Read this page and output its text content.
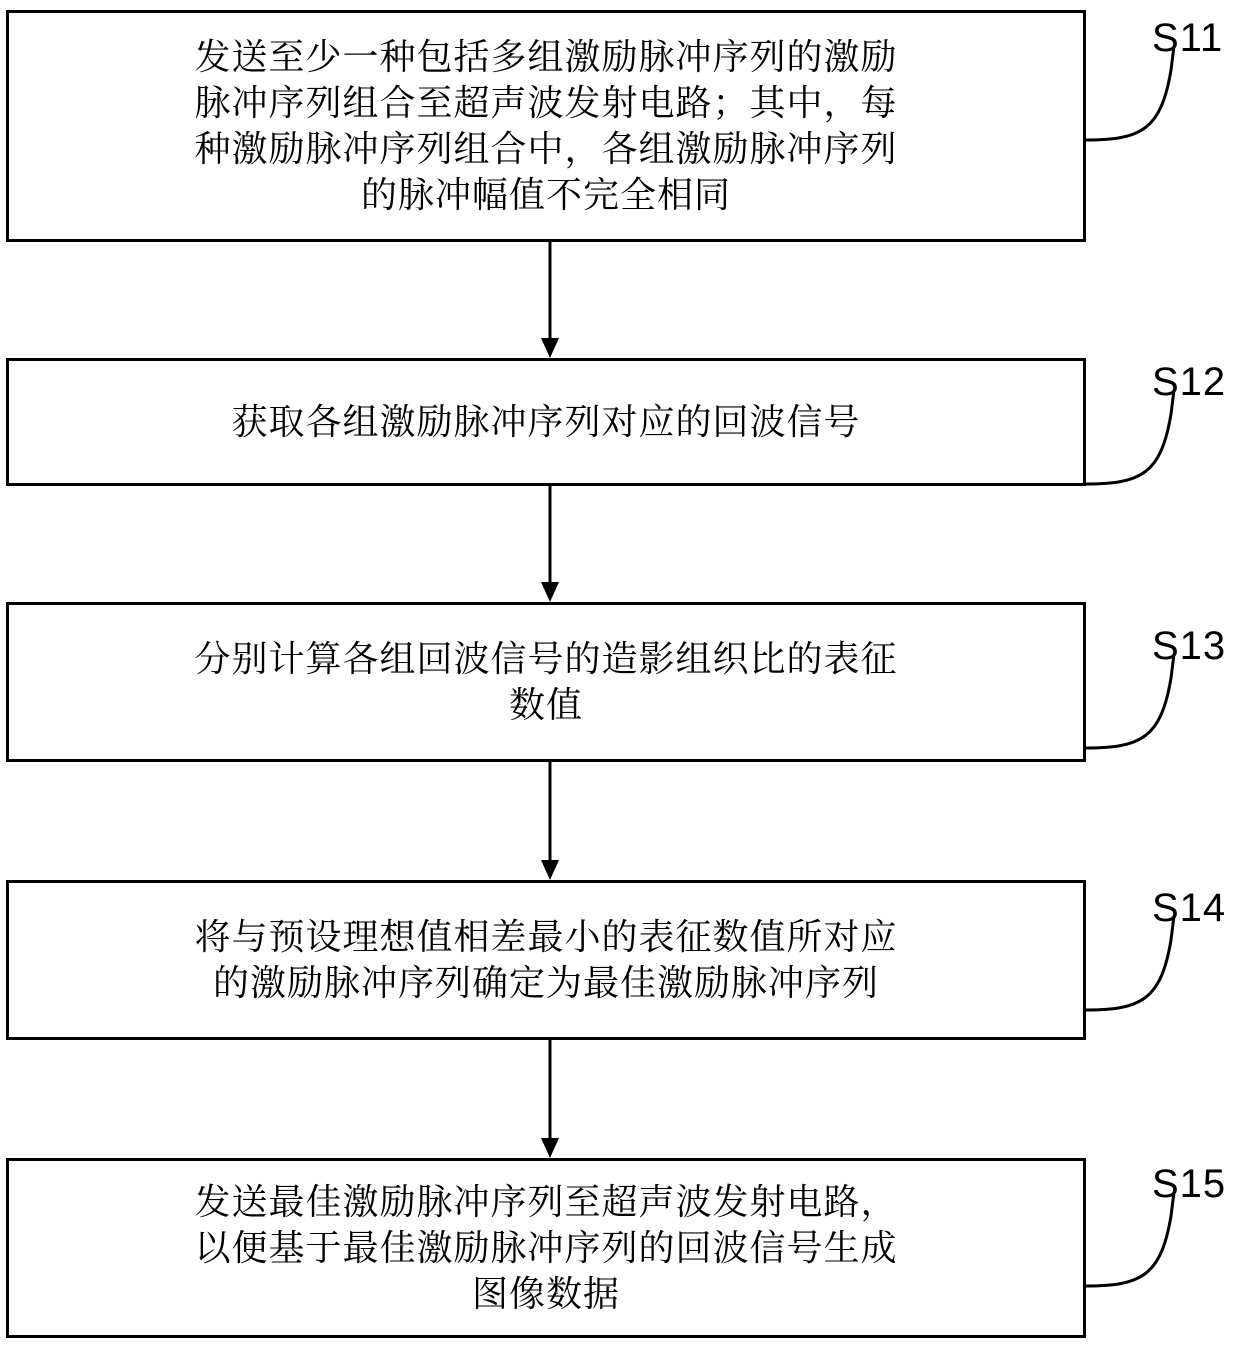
发送至少一种包括多组激励脉冲序列的激励
脉冲序列组合至超声波发射电路；其中，每
种激励脉冲序列组合中，各组激励脉冲序列
的脉冲幅值不完全相同
S11
获取各组激励脉冲序列对应的回波信号
S12
分别计算各组回波信号的造影组织比的表征
数值
S13
将与预设理想值相差最小的表征数值所对应
的激励脉冲序列确定为最佳激励脉冲序列
S14
发送最佳激励脉冲序列至超声波发射电路，
以便基于最佳激励脉冲序列的回波信号生成
图像数据
S15
